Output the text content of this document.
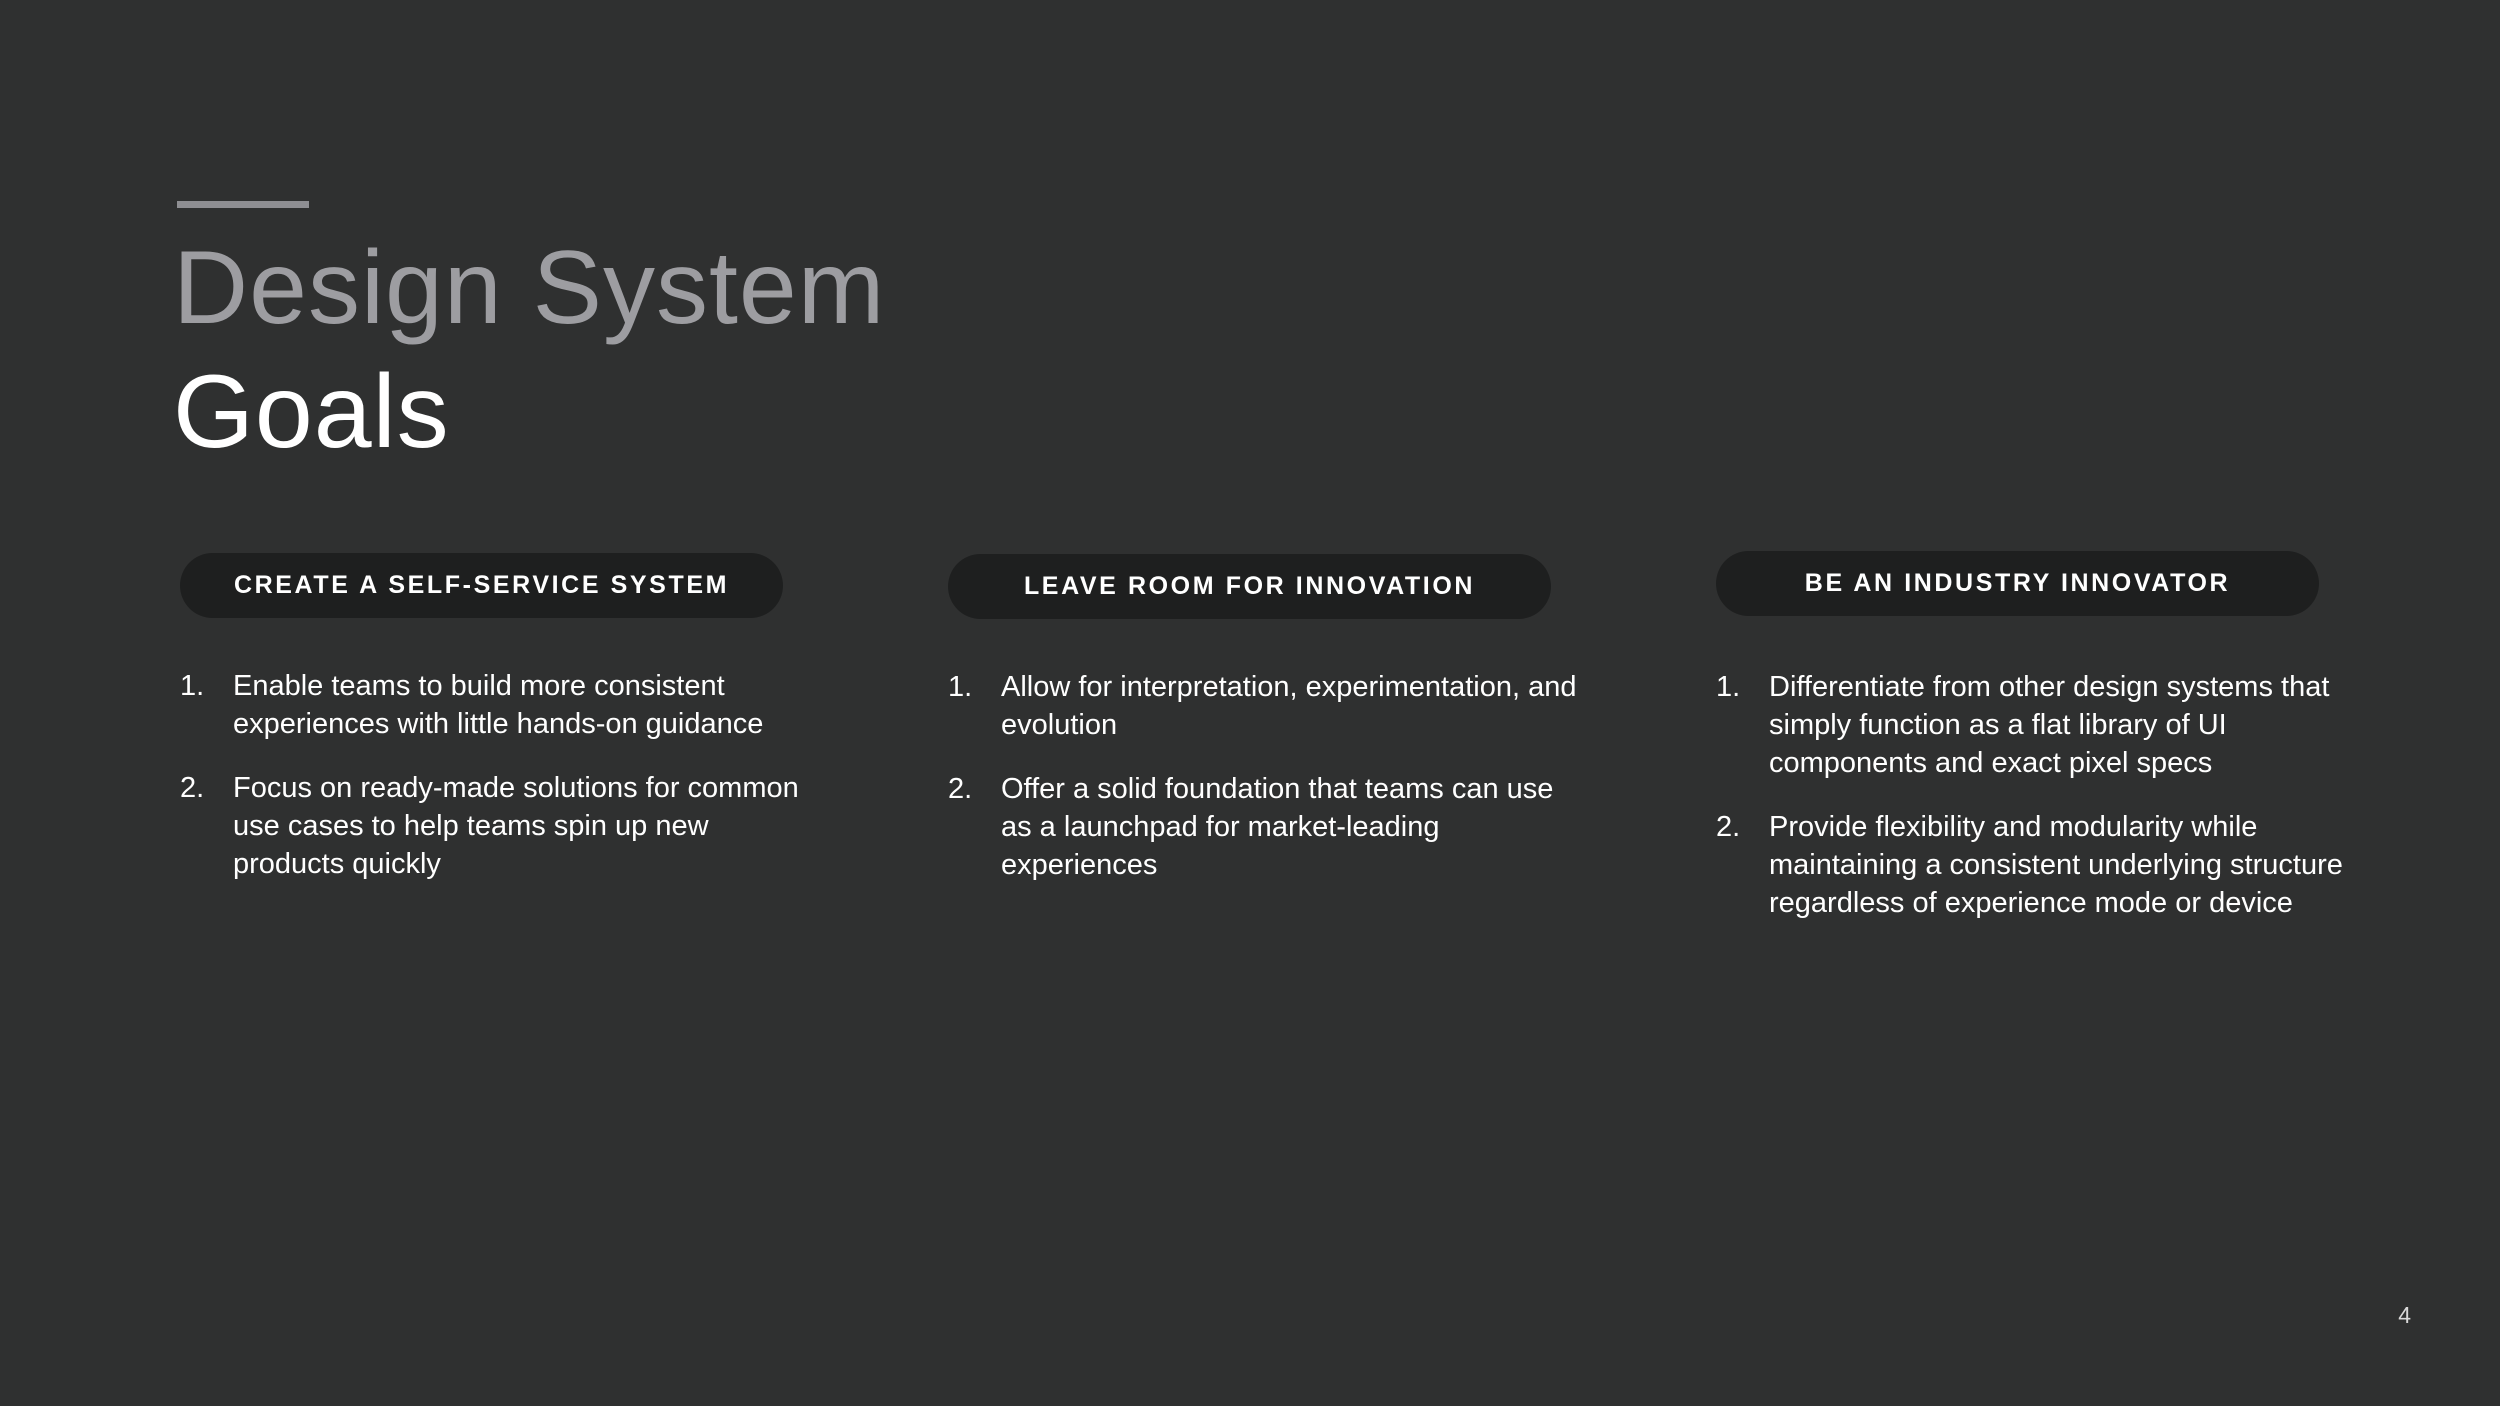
Design System
Goals
CREATE A SELF-SERVICE SYSTEM
1. Enable teams to build more consistent experiences with little hands-on guidance
2. Focus on ready-made solutions for common use cases to help teams spin up new products quickly
LEAVE ROOM FOR INNOVATION
1. Allow for interpretation, experimentation, and evolution
2. Offer a solid foundation that teams can use as a launchpad for market-leading experiences
BE AN INDUSTRY INNOVATOR
1. Differentiate from other design systems that simply function as a flat library of UI components and exact pixel specs
2. Provide flexibility and modularity while maintaining a consistent underlying structure regardless of experience mode or device
4
